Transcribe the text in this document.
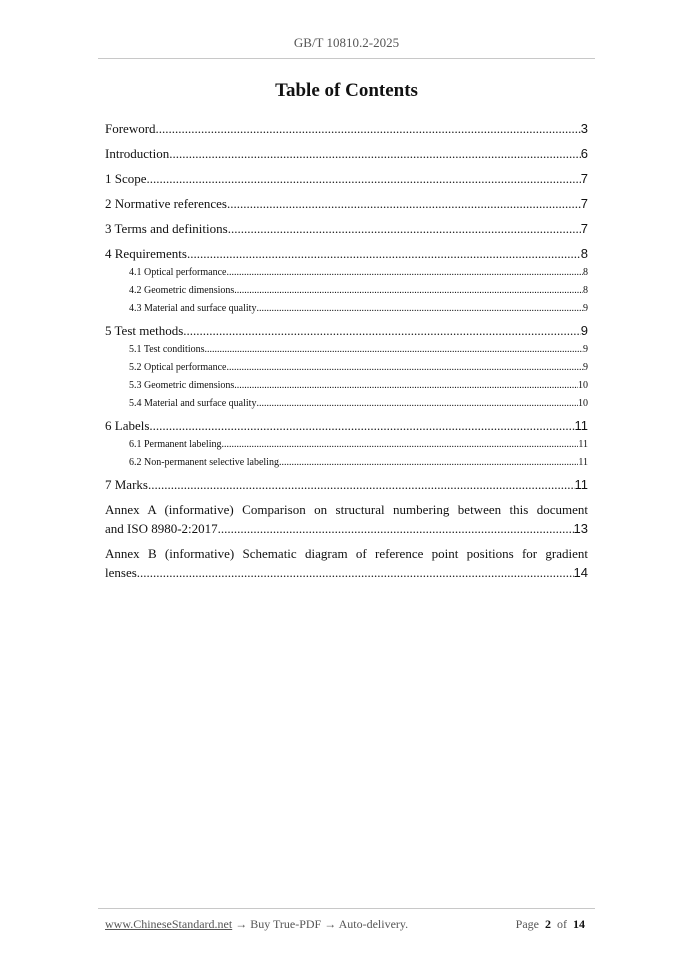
GB/T 10810.2-2025
Table of Contents
Foreword .....	3
Introduction .....	6
1 Scope .....	7
2 Normative references .....	7
3 Terms and definitions .....	7
4 Requirements .....	8
4.1 Optical performance .....	8
4.2 Geometric dimensions .....	8
4.3 Material and surface quality .....	9
5 Test methods .....	9
5.1 Test conditions .....	9
5.2 Optical performance .....	9
5.3 Geometric dimensions .....	10
5.4 Material and surface quality .....	10
6 Labels .....	11
6.1 Permanent labeling .....	11
6.2 Non-permanent selective labeling .....	11
7 Marks .....	11
Annex A (informative) Comparison on structural numbering between this document
and ISO 8980-2:2017 .....	13
Annex B (informative) Schematic diagram of reference point positions for gradient
lenses .....	14
www.ChineseStandard.net → Buy True-PDF → Auto-delivery.	Page 2 of 14
